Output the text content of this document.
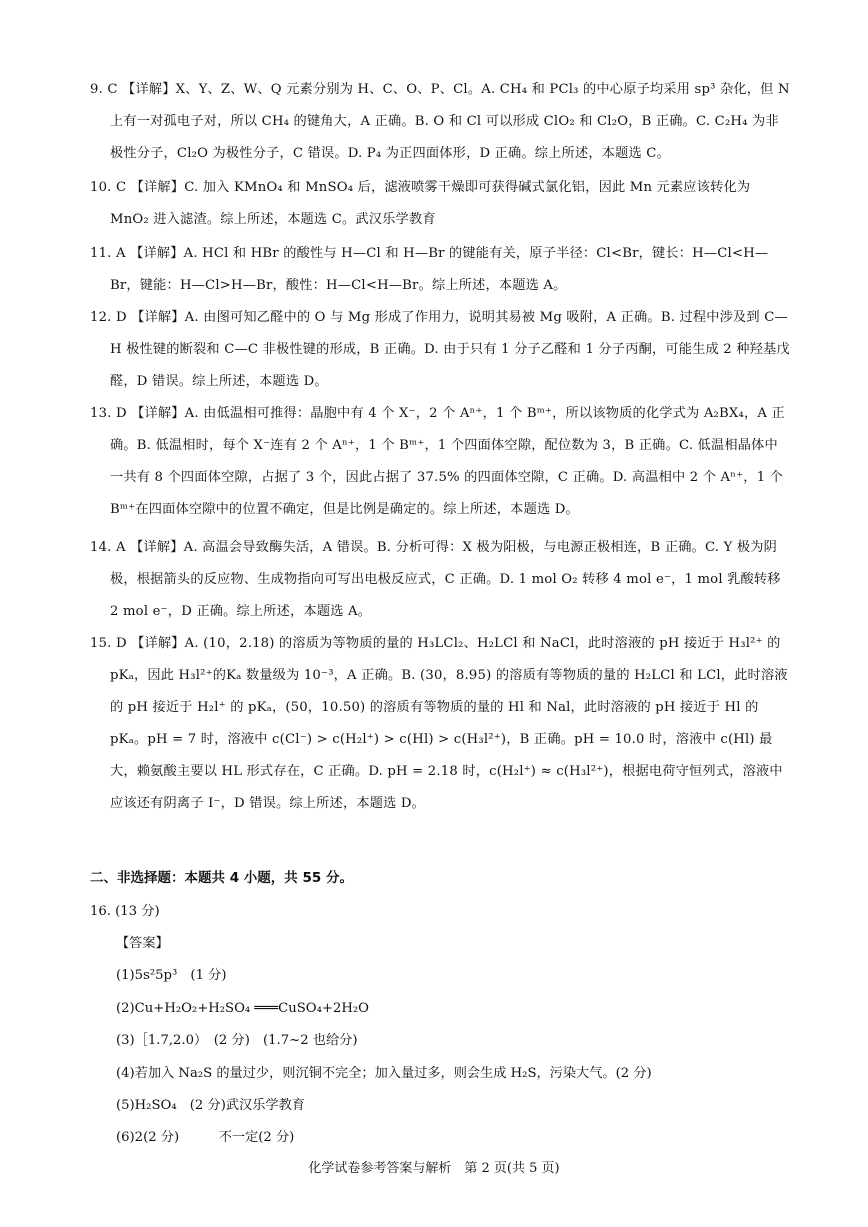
9. C 【详解】X、Y、Z、W、Q 元素分别为 H、C、O、P、Cl。A. CH₄ 和 PCl₃ 的中心原子均采用 sp³ 杂化，但 N 上有一对孤电子对，所以 CH₄ 的键角大，A 正确。B. O 和 Cl 可以形成 ClO₂ 和 Cl₂O，B 正确。C. C₂H₄ 为非极性分子，Cl₂O 为极性分子，C 错误。D. P₄ 为正四面体形，D 正确。综上所述，本题选 C。

10. C 【详解】C. 加入 KMnO₄ 和 MnSO₄ 后，滤液喷雾干燥即可获得碱式氯化铝，因此 Mn 元素应该转化为 MnO₂ 进入滤渣。综上所述，本题选 C。武汉乐学教育

11. A 【详解】A. HCl 和 HBr 的酸性与 H—Cl 和 H—Br 的键能有关，原子半径：Cl<Br，键长：H—Cl<H—Br，键能：H—Cl>H—Br，酸性：H—Cl<H—Br。综上所述，本题选 A。

12. D 【详解】A. 由图可知乙醛中的 O 与 Mg 形成了作用力，说明其易被 Mg 吸附，A 正确。B. 过程中涉及到 C—H 极性键的断裂和 C—C 非极性键的形成，B 正确。D. 由于只有 1 分子乙醛和 1 分子丙酮，可能生成 2 种羟基戊醛，D 错误。综上所述，本题选 D。

13. D 【详解】A. 由低温相可推得：晶胞中有 4 个 X⁻，2 个 Aⁿ⁺，1 个 Bᵐ⁺，所以该物质的化学式为 A₂BX₄，A 正确。B. 低温相时，每个 X⁻连有 2 个 Aⁿ⁺，1 个 Bᵐ⁺，1 个四面体空隙，配位数为 3，B 正确。C. 低温相晶体中一共有 8 个四面体空隙，占据了 3 个，因此占据了 37.5% 的四面体空隙，C 正确。D. 高温相中 2 个 Aⁿ⁺，1 个 Bᵐ⁺在四面体空隙中的位置不确定，但是比例是确定的。综上所述，本题选 D。

14. A 【详解】A. 高温会导致酶失活，A 错误。B. 分析可得：X 极为阳极，与电源正极相连，B 正确。C. Y 极为阴极，根据箭头的反应物、生成物指向可写出电极反应式，C 正确。D. 1 mol O₂ 转移 4 mol e⁻，1 mol 乳酸转移 2 mol e⁻，D 正确。综上所述，本题选 A。

15. D 【详解】A. (10，2.18) 的溶质为等物质的量的 H₃LCl₂、H₂LCl 和 NaCl，此时溶液的 pH 接近于 H₃l²⁺ 的 pKₐ，因此 H₃l²⁺的Kₐ 数量级为 10⁻³，A 正确。B. (30，8.95) 的溶质有等物质的量的 H₂LCl 和 LCl，此时溶液的 pH 接近于 H₂l⁺ 的 pKₐ，(50，10.50) 的溶质有等物质的量的 Hl 和 Nal，此时溶液的 pH 接近于 Hl 的 pKₐ。pH = 7 时，溶液中 c(Cl⁻) > c(H₂l⁺) > c(Hl) > c(H₃l²⁺)，B 正确。pH = 10.0 时，溶液中 c(Hl) 最大，赖氨酸主要以 HL 形式存在，C 正确。D. pH = 2.18 时，c(H₂l⁺) ≈ c(H₃l²⁺)，根据电荷守恒列式，溶液中应该还有阴离子 I⁻，D 错误。综上所述，本题选 D。

二、非选择题：本题共 4 小题，共 55 分。
16. (13 分)
【答案】
(1)5s²5p³　(1 分)
(2)Cu+H₂O₂+H₂SO₄ ═══CuSO₄+2H₂O
(3)［1.7,2.0）　(2 分)　(1.7~2 也给分)
(4)若加入 Na₂S 的量过少，则沉铜不完全；加入量过多，则会生成 H₂S，污染大气。(2 分)
(5)H₂SO₄　(2 分)武汉乐学教育
(6)2(2 分)　　　不一定(2 分)
化学试卷参考答案与解析　第 2 页(共 5 页)
